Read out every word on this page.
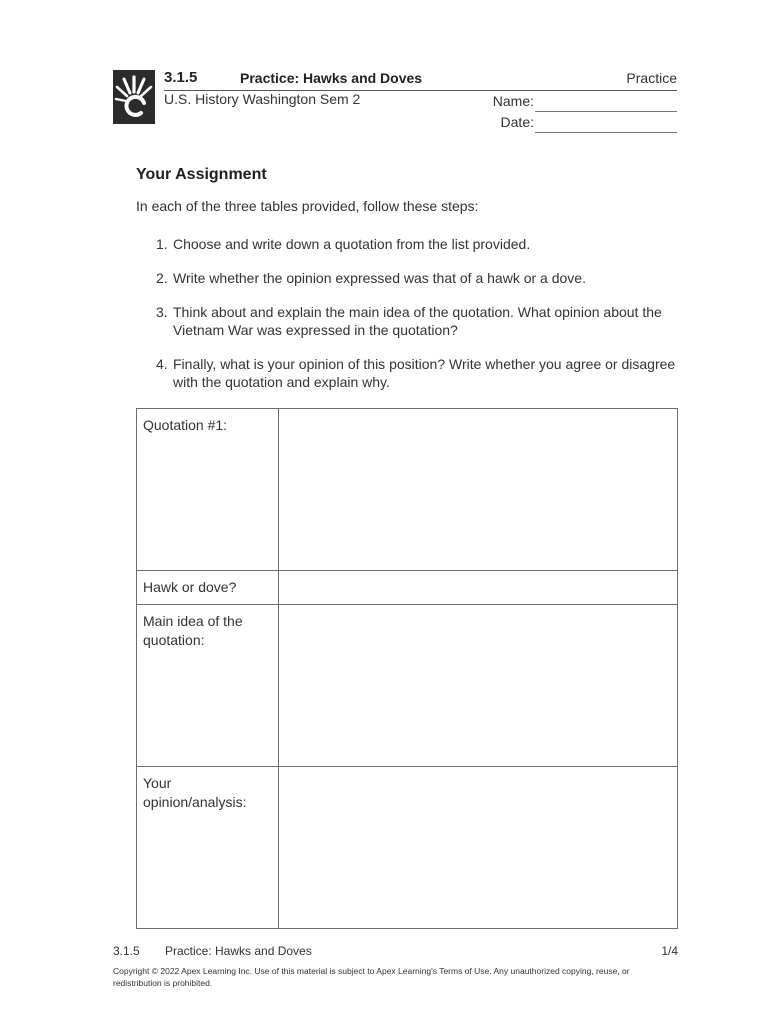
3.1.5	Practice: Hawks and Doves	Practice
U.S. History Washington Sem 2	Name:
Date:
Your Assignment
In each of the three tables provided, follow these steps:
1. Choose and write down a quotation from the list provided.
2. Write whether the opinion expressed was that of a hawk or a dove.
3. Think about and explain the main idea of the quotation. What opinion about the Vietnam War was expressed in the quotation?
4. Finally, what is your opinion of this position? Write whether you agree or disagree with the quotation and explain why.
Quotation #1:	
Hawk or dove?	
Main idea of the quotation:	
Your opinion/analysis:	
3.1.5 Practice: Hawks and Doves	1/4
Copyright © 2022 Apex Learning Inc. Use of this material is subject to Apex Learning's Terms of Use. Any unauthorized copying, reuse, or redistribution is prohibited.
